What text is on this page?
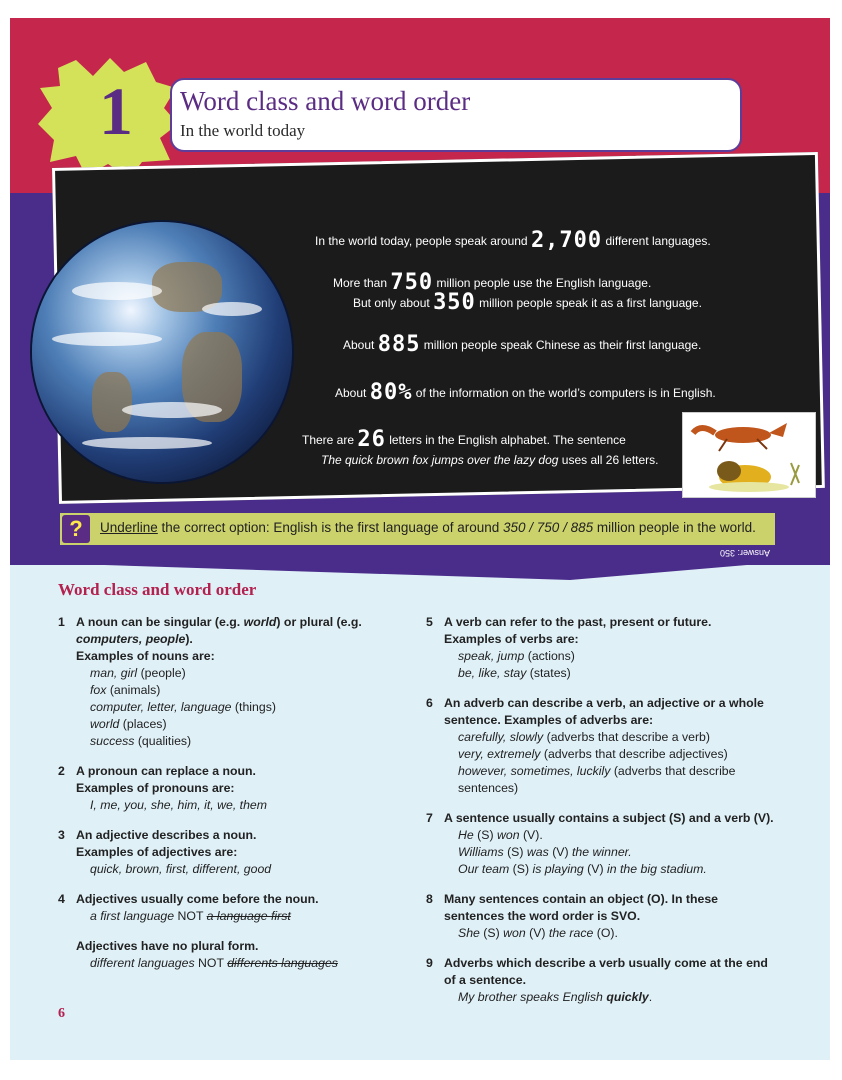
1	Word class and word order
In the world today
In the world today, people speak around 2,700 different languages.
More than 750 million people use the English language.
But only about 350 million people speak it as a first language.
About 885 million people speak Chinese as their first language.
About 80% of the information on the world’s computers is in English.
There are 26 letters in the English alphabet. The sentence
The quick brown fox jumps over the lazy dog uses all 26 letters.
?	Underline the correct option: English is the first language of around 350 / 750 / 885 million people in the world.
Answer: 350
Word class and word order
1 A noun can be singular (e.g. world) or plural (e.g.
computers, people).
Examples of nouns are:
man, girl (people)
fox (animals)
computer, letter, language (things)
world (places)
success (qualities)
2 A pronoun can replace a noun.
Examples of pronouns are:
I, me, you, she, him, it, we, them
3 An adjective describes a noun.
Examples of adjectives are:
quick, brown, first, different, good
4 Adjectives usually come before the noun.
a first language NOT a language first
Adjectives have no plural form.
different languages NOT differents languages
5 A verb can refer to the past, present or future.
Examples of verbs are:
speak, jump (actions)
be, like, stay (states)
6 An adverb can describe a verb, an adjective or a whole
sentence. Examples of adverbs are:
carefully, slowly (adverbs that describe a verb)
very, extremely (adverbs that describe adjectives)
however, sometimes, luckily (adverbs that describe
sentences)
7 A sentence usually contains a subject (S) and a verb (V).
He (S) won (V).
Williams (S) was (V) the winner.
Our team (S) is playing (V) in the big stadium.
8 Many sentences contain an object (O). In these
sentences the word order is SVO.
She (S) won (V) the race (O).
9 Adverbs which describe a verb usually come at the end
of a sentence.
My brother speaks English quickly.
6
